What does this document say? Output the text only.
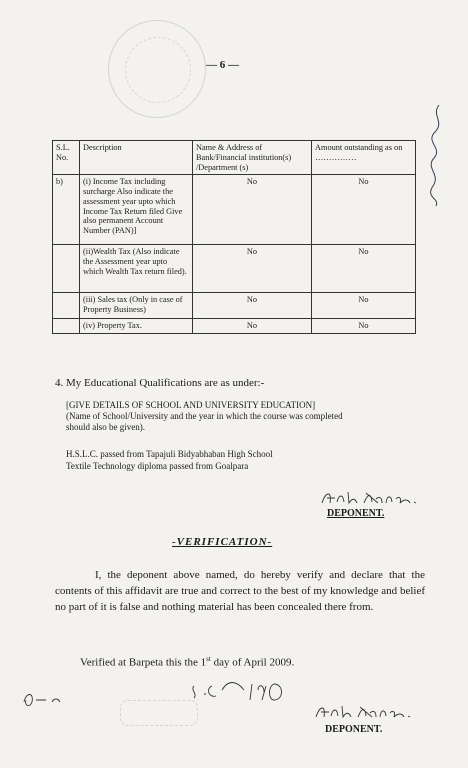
— 6 —
S.L. No.	Description	Name & Address of Bank/Financial institution(s) /Department (s)	Amount outstanding as on ……………
b)	(i) Income Tax including surcharge Also indicate the assessment year upto which Income Tax Return filed Give also permanent Account Number (PAN)]	No	No
	(ii)Wealth Tax (Also indicate the Assessment year upto which Wealth Tax return filed).	No	No
	(iii) Sales tax (Only in case of Property Business)	No	No
	(iv) Property Tax.	No	No
4. My Educational Qualifications are as under:-
[GIVE DETAILS OF SCHOOL AND UNIVERSITY EDUCATION]
(Name of School/University and the year in which the course was completed
should also be given).
H.S.L.C. passed from Tapajuli Bidyabhaban High School
Textile Technology diploma passed from Goalpara
DEPONENT.
-VERIFICATION-
I, the deponent above named, do hereby verify and declare that the contents of this affidavit are true and correct to the best of my knowledge and belief no part of it is false and nothing material has been concealed there from.
Verified at Barpeta this the 1st day of April 2009.
DEPONENT.
